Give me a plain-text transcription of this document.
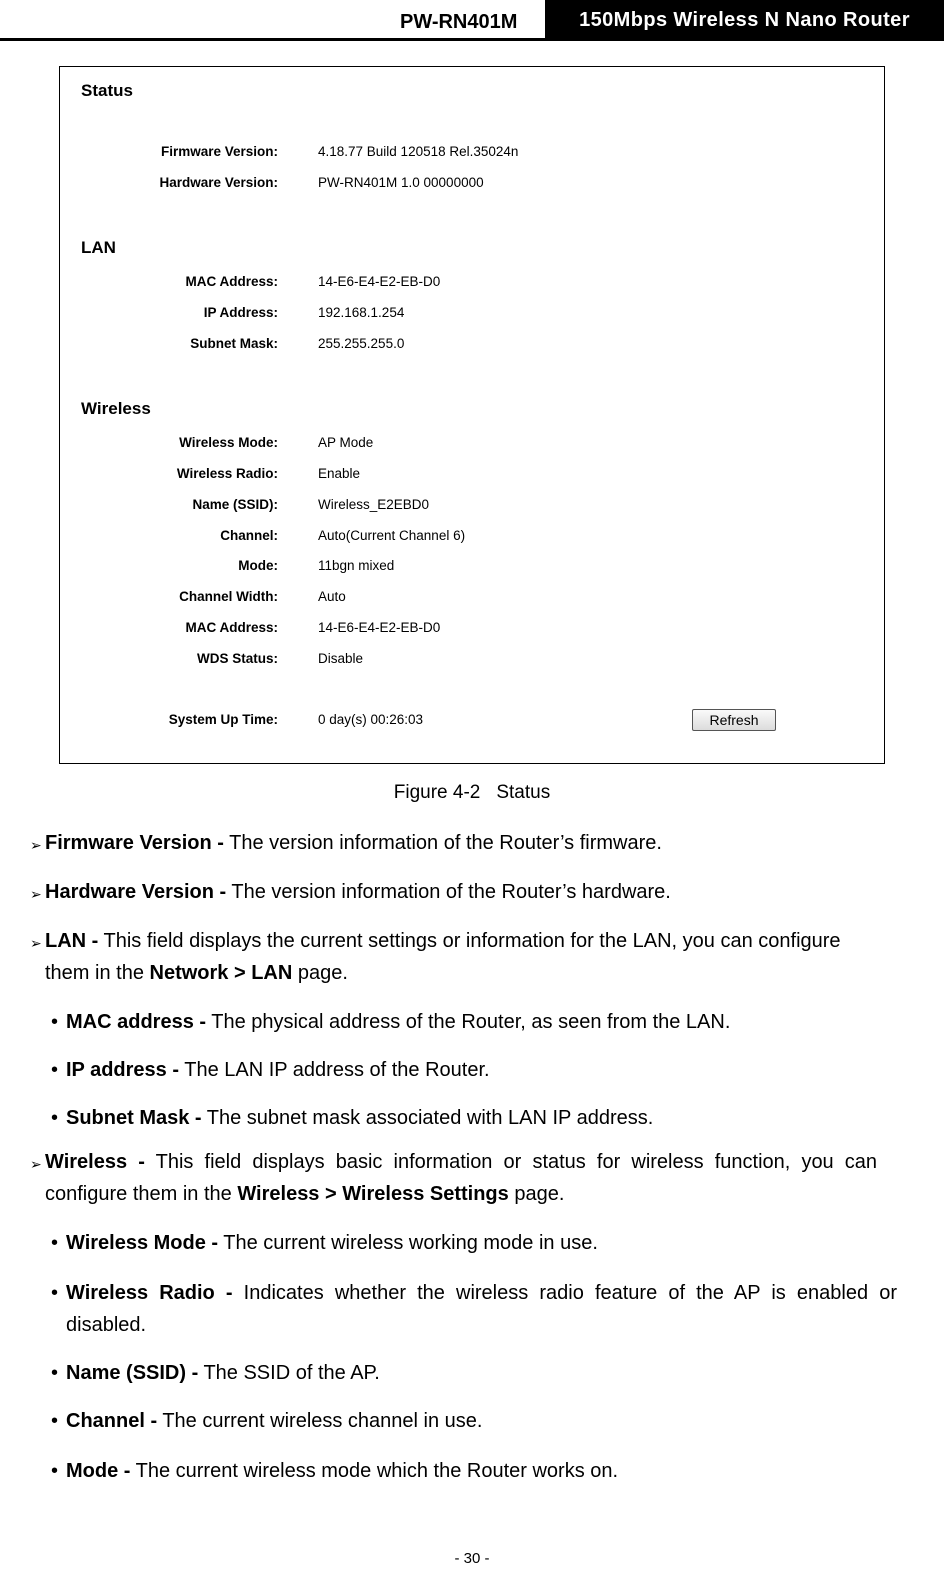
PW-RN401M	150Mbps Wireless N Nano Router
Status
Firmware Version:	4.18.77 Build 120518 Rel.35024n
Hardware Version:	PW-RN401M 1.0 00000000
LAN
MAC Address:	14-E6-E4-E2-EB-D0
IP Address:	192.168.1.254
Subnet Mask:	255.255.255.0
Wireless
Wireless Mode:	AP Mode
Wireless Radio:	Enable
Name (SSID):	Wireless_E2EBD0
Channel:	Auto(Current Channel 6)
Mode:	11bgn mixed
Channel Width:	Auto
MAC Address:	14-E6-E4-E2-EB-D0
WDS Status:	Disable
System Up Time:	0 day(s) 00:26:03	Refresh
Figure 4-2 Status
➢ Firmware Version - The version information of the Router’s firmware.
➢ Hardware Version - The version information of the Router’s hardware.
➢ LAN - This field displays the current settings or information for the LAN, you can configure
them in the Network > LAN page.
• MAC address - The physical address of the Router, as seen from the LAN.
• IP address - The LAN IP address of the Router.
• Subnet Mask - The subnet mask associated with LAN IP address.
➢ Wireless  -  This  field  displays  basic  information  or  status  for  wireless  function,  you  can
configure them in the Wireless > Wireless Settings page.
• Wireless Mode - The current wireless working mode in use.
• Wireless  Radio  -  Indicates  whether  the  wireless  radio  feature  of  the  AP  is  enabled  or
disabled.
• Name (SSID) - The SSID of the AP.
• Channel - The current wireless channel in use.
• Mode - The current wireless mode which the Router works on.
- 30 -
